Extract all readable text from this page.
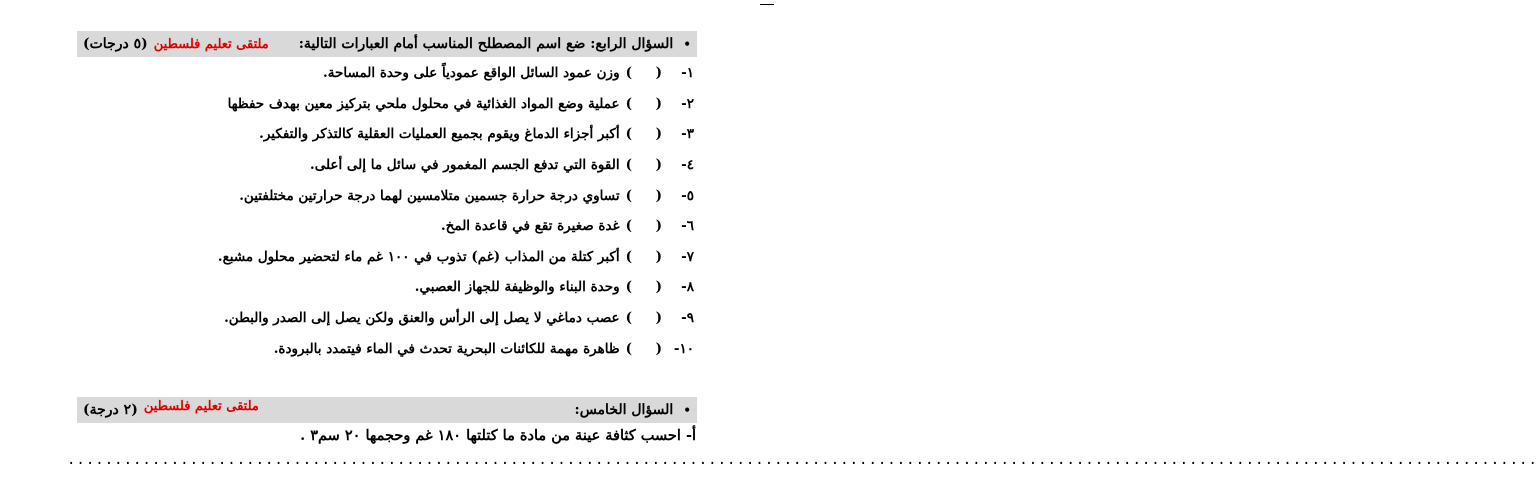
•
السؤال الرابع: ضع اسم المصطلح المناسب أمام العبارات التالية:
ملتقى تعليم فلسطين
(٥ درجات)
١-
(
)
وزن عمود السائل الواقع عمودياً على وحدة المساحة.
٢-
(
)
عملية وضع المواد الغذائية في محلول ملحي بتركيز معين بهدف حفظها
٣-
(
)
أكبر أجزاء الدماغ ويقوم بجميع العمليات العقلية كالتذكر والتفكير.
٤-
(
)
القوة التي تدفع الجسم المغمور في سائل ما إلى أعلى.
٥-
(
)
تساوي درجة حرارة جسمين متلامسين لهما درجة حرارتين مختلفتين.
٦-
(
)
غدة صغيرة تقع في قاعدة المخ.
٧-
(
)
أكبر كتلة من المذاب (غم) تذوب في ١٠٠ غم ماء لتحضير محلول مشبع.
٨-
(
)
وحدة البناء والوظيفة للجهاز العصبي.
٩-
(
)
عصب دماغي لا يصل إلى الرأس والعنق ولكن يصل إلى الصدر والبطن.
١٠-
(
)
ظاهرة مهمة للكائنات البحرية تحدث في الماء فيتمدد بالبرودة.
•
السؤال الخامس:
ملتقى تعليم فلسطين
(٢ درجة)
أ- احسب كثافة عينة من مادة ما كتلتها ١٨٠ غم وحجمها ٢٠ سم٣ .
............................................................................................................................................................
